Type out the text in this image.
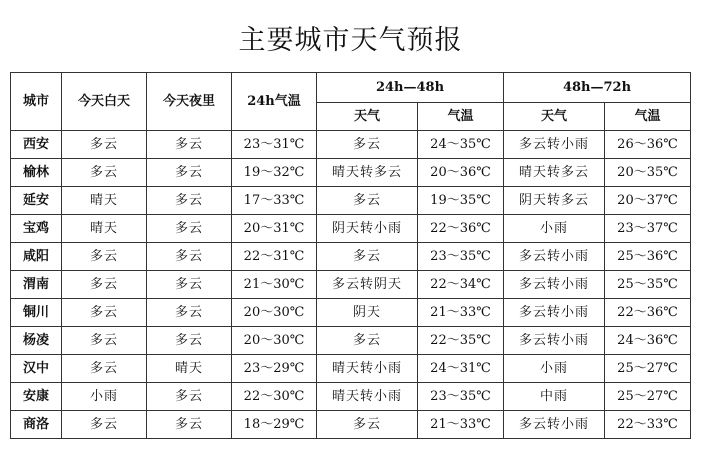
主要城市天气预报
城市	今天白天	今天夜里	24h气温	24h—48h		48h—72h	
				天气	气温	天气	气温
西安	多云	多云	23～31℃	多云	24～35℃	多云转小雨	26～36℃
榆林	多云	多云	19～32℃	晴天转多云	20～36℃	晴天转多云	20～35℃
延安	晴天	多云	17～33℃	多云	19～35℃	阴天转多云	20～37℃
宝鸡	晴天	多云	20～31℃	阴天转小雨	22～36℃	小雨	23～37℃
咸阳	多云	多云	22～31℃	多云	23～35℃	多云转小雨	25～36℃
渭南	多云	多云	21～30℃	多云转阴天	22～34℃	多云转小雨	25～35℃
铜川	多云	多云	20～30℃	阴天	21～33℃	多云转小雨	22～36℃
杨凌	多云	多云	20～30℃	多云	22～35℃	多云转小雨	24～36℃
汉中	多云	晴天	23～29℃	晴天转小雨	24～31℃	小雨	25～27℃
安康	小雨	多云	22～30℃	晴天转小雨	23～35℃	中雨	25～27℃
商洛	多云	多云	18～29℃	多云	21～33℃	多云转小雨	22～33℃
